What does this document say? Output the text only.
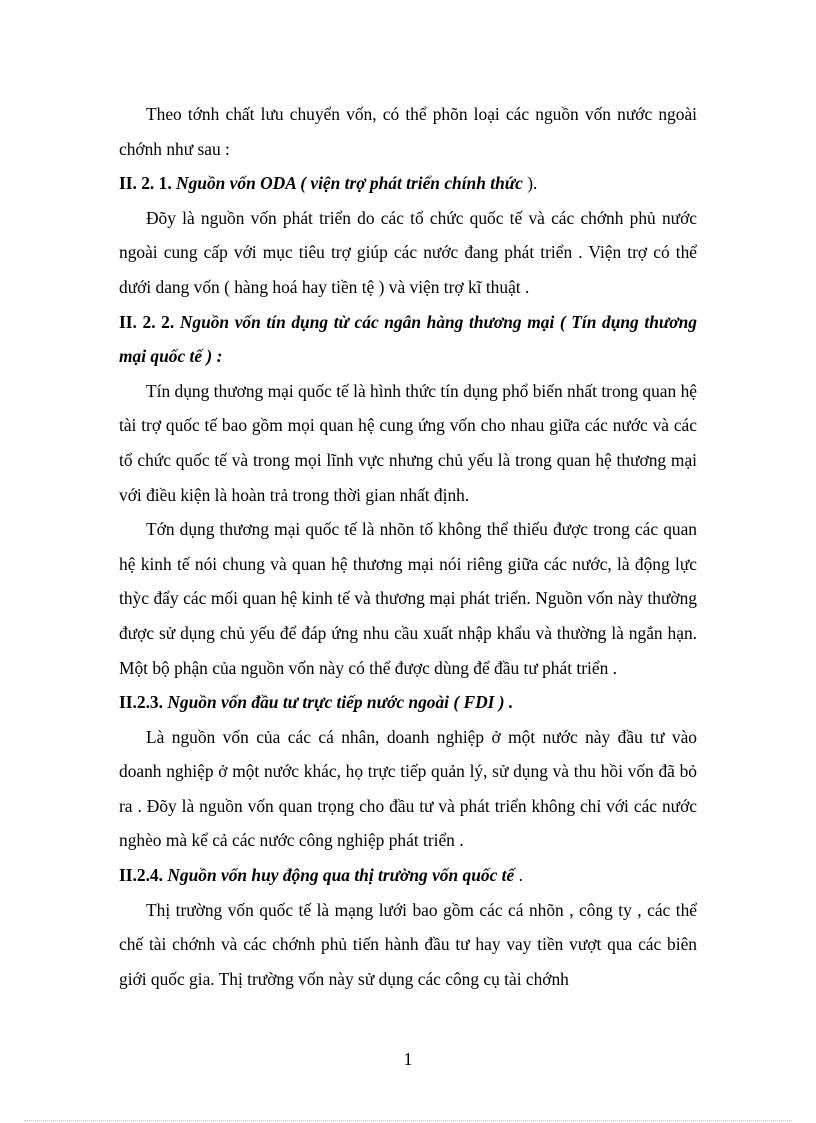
Theo tớnh chất lưu chuyển vốn, có thể phõn loại các nguồn vốn nước ngoài chớnh như sau :

II. 2. 1. Nguồn vốn ODA ( viện trợ phát triển chính thức ).

Đõy là nguồn vốn phát triển do các tổ chức quốc tế và các chớnh phủ nước ngoài cung cấp với mục tiêu trợ giúp các nước đang phát triển . Viện trợ có thể dưới dang vốn ( hàng hoá hay tiền tệ ) và viện trợ kĩ thuật .

II. 2. 2. Nguồn vốn tín dụng từ các ngân hàng thương mại ( Tín dụng thương mại quốc tế ) :

Tín dụng thương mại quốc tế là hình thức tín dụng phổ biến nhất trong quan hệ tài trợ quốc tế bao gồm mọi quan hệ cung ứng vốn cho nhau giữa các nước và các tổ chức quốc tế và trong mọi lĩnh vực nhưng chủ yếu là trong quan hệ thương mại với điều kiện là hoàn trả trong thời gian nhất định.

Tớn dụng thương mại quốc tế là nhõn tố không thể thiếu được trong các quan hệ kinh tế nói chung và quan hệ thương mại nói riêng giữa các nước, là động lực thỳc đẩy các mối quan hệ kinh tế và thương mại phát triển. Nguồn vốn này thường được sử dụng chủ yếu để đáp ứng nhu cầu xuất nhập khẩu và thường là ngắn hạn. Một bộ phận của nguồn vốn này có thể được dùng để đầu tư phát triển .

II.2.3. Nguồn vốn đầu tư trực tiếp nước ngoài ( FDI ) .

Là nguồn vốn của các cá nhân, doanh nghiệp ở một nước này đầu tư vào doanh nghiệp ở một nước khác, họ trực tiếp quản lý, sử dụng và thu hồi vốn đã bỏ ra . Đõy là nguồn vốn quan trọng cho đầu tư và phát triển không chỉ với các nước nghèo mà kể cả các nước công nghiệp phát triển .

II.2.4. Nguồn vốn huy động qua thị trường vốn quốc tế .

Thị trường vốn quốc tế là mạng lưới bao gồm các cá nhõn , công ty , các thể chế tài chớnh và các chớnh phủ tiến hành đầu tư hay vay tiền vượt qua các biên giới quốc gia. Thị trường vốn này sử dụng các công cụ tài chớnh

1
